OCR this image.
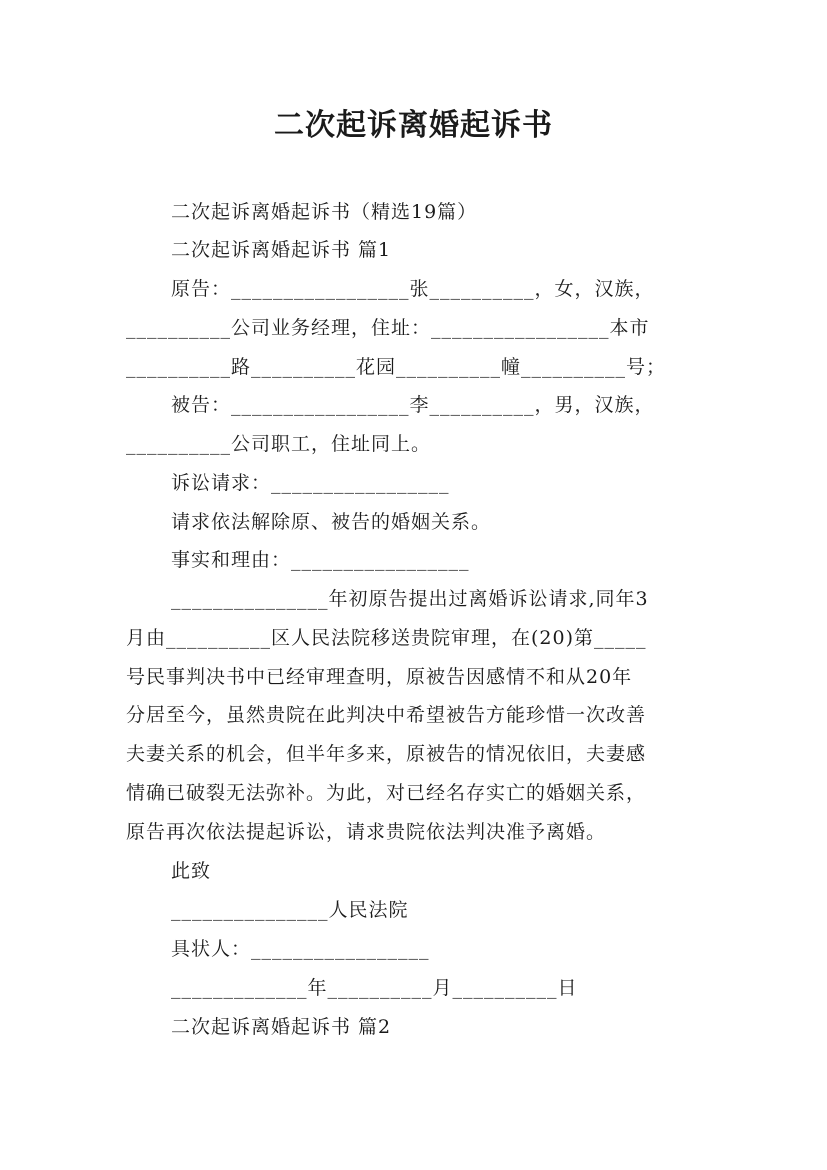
二次起诉离婚起诉书
二次起诉离婚起诉书（精选19篇）
二次起诉离婚起诉书 篇1
原告：_________________张__________，女，汉族，
__________公司业务经理，住址：_________________本市
__________路__________花园__________幢__________号；
被告：_________________李__________，男，汉族，
__________公司职工，住址同上。
诉讼请求：_________________
请求依法解除原、被告的婚姻关系。
事实和理由：_________________
_______________年初原告提出过离婚诉讼请求,同年3
月由__________区人民法院移送贵院审理，在(20)第_____
号民事判决书中已经审理查明，原被告因感情不和从20年
分居至今，虽然贵院在此判决中希望被告方能珍惜一次改善
夫妻关系的机会，但半年多来，原被告的情况依旧，夫妻感
情确已破裂无法弥补。为此，对已经名存实亡的婚姻关系，
原告再次依法提起诉讼，请求贵院依法判决准予离婚。
此致
_______________人民法院
具状人：_________________
_____________年__________月__________日
二次起诉离婚起诉书 篇2
